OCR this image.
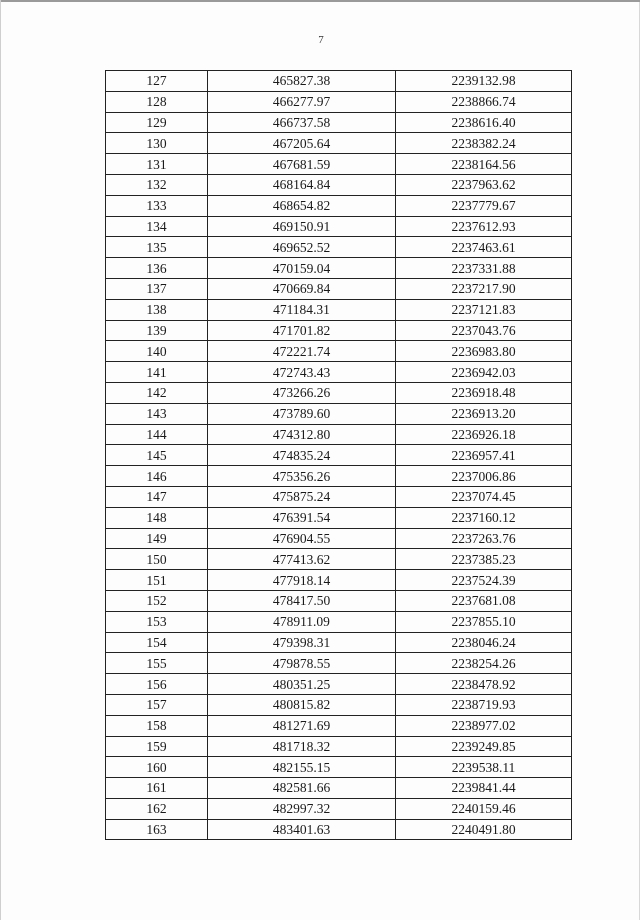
7
127	465827.38	2239132.98
128	466277.97	2238866.74
129	466737.58	2238616.40
130	467205.64	2238382.24
131	467681.59	2238164.56
132	468164.84	2237963.62
133	468654.82	2237779.67
134	469150.91	2237612.93
135	469652.52	2237463.61
136	470159.04	2237331.88
137	470669.84	2237217.90
138	471184.31	2237121.83
139	471701.82	2237043.76
140	472221.74	2236983.80
141	472743.43	2236942.03
142	473266.26	2236918.48
143	473789.60	2236913.20
144	474312.80	2236926.18
145	474835.24	2236957.41
146	475356.26	2237006.86
147	475875.24	2237074.45
148	476391.54	2237160.12
149	476904.55	2237263.76
150	477413.62	2237385.23
151	477918.14	2237524.39
152	478417.50	2237681.08
153	478911.09	2237855.10
154	479398.31	2238046.24
155	479878.55	2238254.26
156	480351.25	2238478.92
157	480815.82	2238719.93
158	481271.69	2238977.02
159	481718.32	2239249.85
160	482155.15	2239538.11
161	482581.66	2239841.44
162	482997.32	2240159.46
163	483401.63	2240491.80
